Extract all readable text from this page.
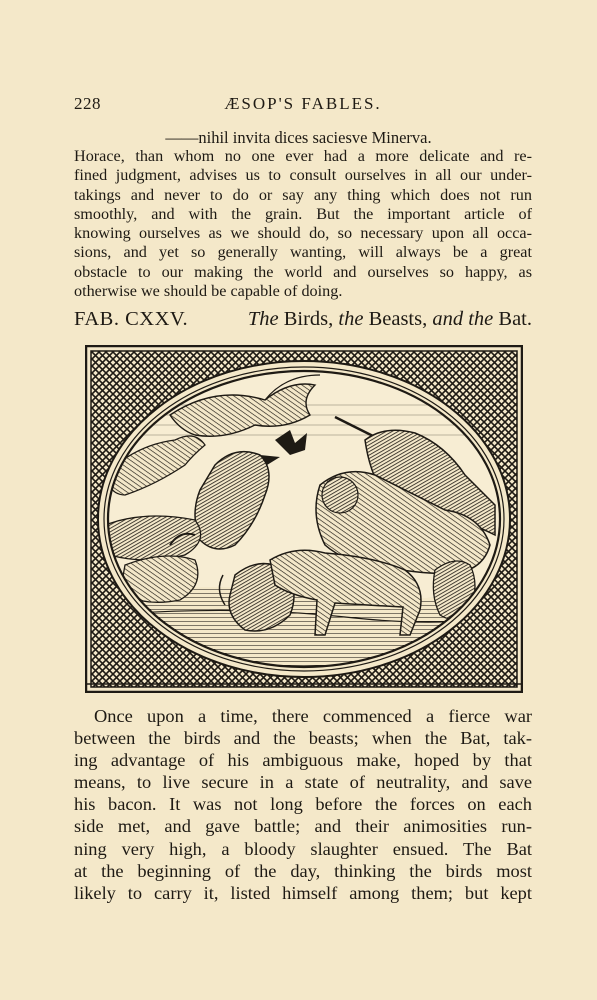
228	ÆSOP'S FABLES.
——nihil invita dices saciesve Minerva.
Horace, than whom no one ever had a more delicate and re-
fined judgment, advises us to consult ourselves in all our under-
takings and never to do or say any thing which does not run
smoothly, and with the grain. But the important article of
knowing ourselves as we should do, so necessary upon all occa-
sions, and yet so generally wanting, will always be a great
obstacle to our making the world and ourselves so happy, as
otherwise we should be capable of doing.
FAB. CXXV.	The Birds, the Beasts, and the Bat.
Once upon a time, there commenced a fierce war
between the birds and the beasts; when the Bat, tak-
ing advantage of his ambiguous make, hoped by that
means, to live secure in a state of neutrality, and save
his bacon. It was not long before the forces on each
side met, and gave battle; and their animosities run-
ning very high, a bloody slaughter ensued. The Bat
at the beginning of the day, thinking the birds most
likely to carry it, listed himself among them; but kept
